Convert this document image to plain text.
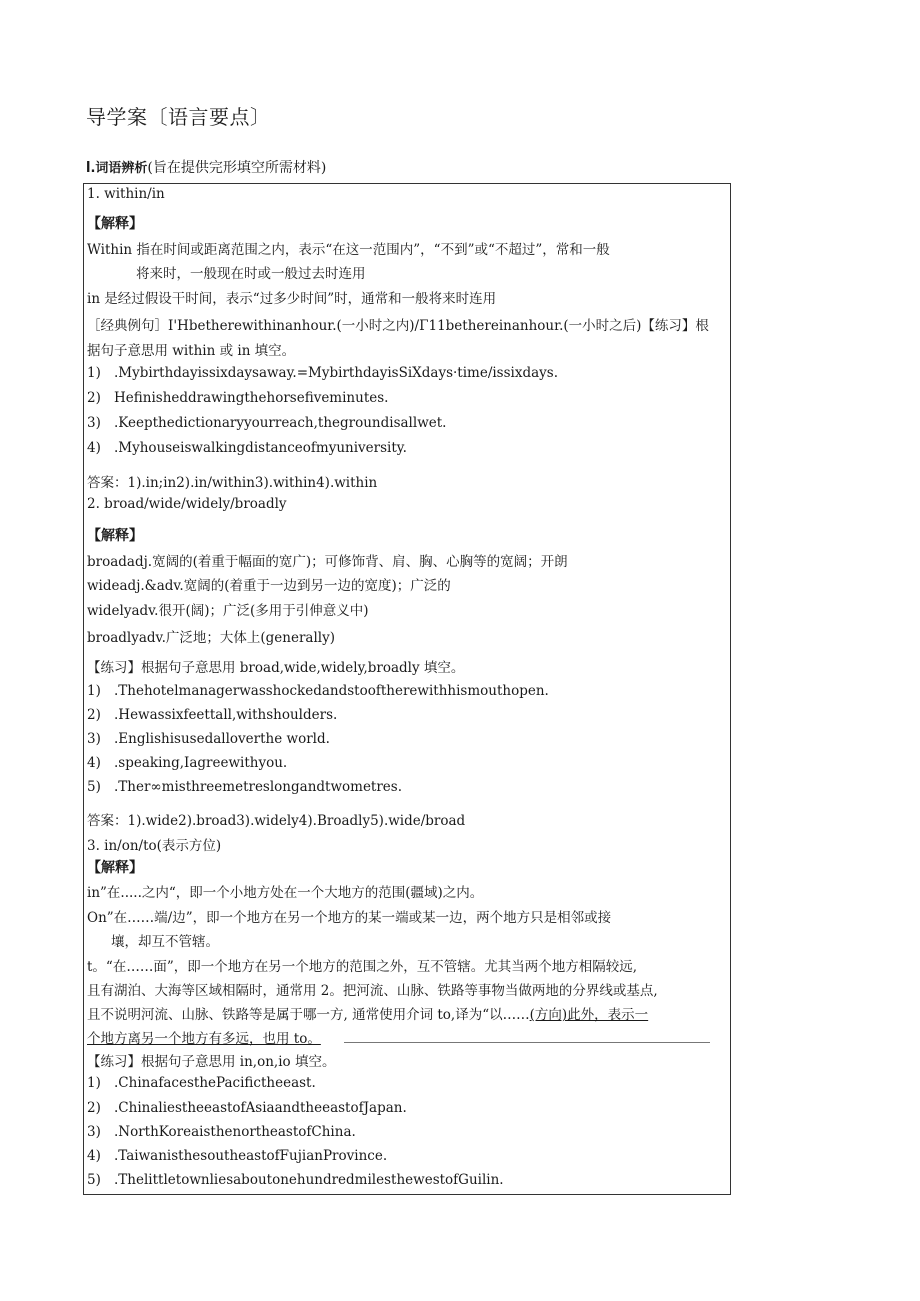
导学案〔语言要点〕
I.词语辨析(旨在提供完形填空所需材料)
1. within/in
【解释】
Within 指在时间或距离范围之内，表示“在这一范围内”，“不到”或“不超过”，常和一般
将来时，一般现在时或一般过去时连用
in 是经过假设干时间，表示“过多少时间”时，通常和一般将来时连用
［经典例句］I'Hbetherewithinanhour.(一小时之内)/Γ11bethereinanhour.(一小时之后)【练习】根
据句子意思用 within 或 in 填空。
1) .Mybirthdayissixdaysaway.=MybirthdayisSiXdays·time/issixdays.
2) Hefinisheddrawingthehorsefiveminutes.
3) .Keepthedictionaryyourreach,thegroundisallwet.
4) .Myhouseiswalkingdistanceofmyuniversity.
答案：1).in;in2).in/within3).within4).within
2. broad/wide/widely/broadly
【解释】
broadadj.宽阔的(着重于幅面的宽广)；可修饰背、肩、胸、心胸等的宽阔；开朗
wideadj.&adv.宽阔的(着重于一边到另一边的宽度)；广泛的
widelyadv.很开(阔)；广泛(多用于引伸意义中)
broadlyadv.广泛地；大体上(generally)
【练习】根据句子意思用 broad,wide,widely,broadly 填空。
1) .Thehotelmanagerwasshockedandstooftherewithhismouthopen.
2) .Hewassixfeettall,withshoulders.
3) .Englishisusedalloverthe world.
4) .speaking,Iagreewithyou.
5) .Ther∞misthreemetreslongandtwometres.
答案：1).wide2).broad3).widely4).Broadly5).wide/broad
3. in/on/to(表示方位)
【解释】
in”在.....之内“，即一个小地方处在一个大地方的范围(疆域)之内。
On”在……端/边”，即一个地方在另一个地方的某一端或某一边，两个地方只是相邻或接
壤，却互不管辖。
t。“在……面”，即一个地方在另一个地方的范围之外，互不管辖。尤其当两个地方相隔较远,
且有湖泊、大海等区域相隔时，通常用 2。把河流、山脉、铁路等事物当做两地的分界线或基点,
且不说明河流、山脉、铁路等是属于哪一方, 通常使用介词 to,译为“以……(方向)此外，表示一
个地方离另一个地方有多远，也用 to。
【练习】根据句子意思用 in,on,io 填空。
1) .ChinafacesthePacifictheeast.
2) .ChinaliestheeastofAsiaandtheeastofJapan.
3) .NorthKoreaisthenortheastofChina.
4) .TaiwanisthesoutheastofFujianProvince.
5) .ThelittletownliesaboutonehundredmilesthewestofGuilin.
